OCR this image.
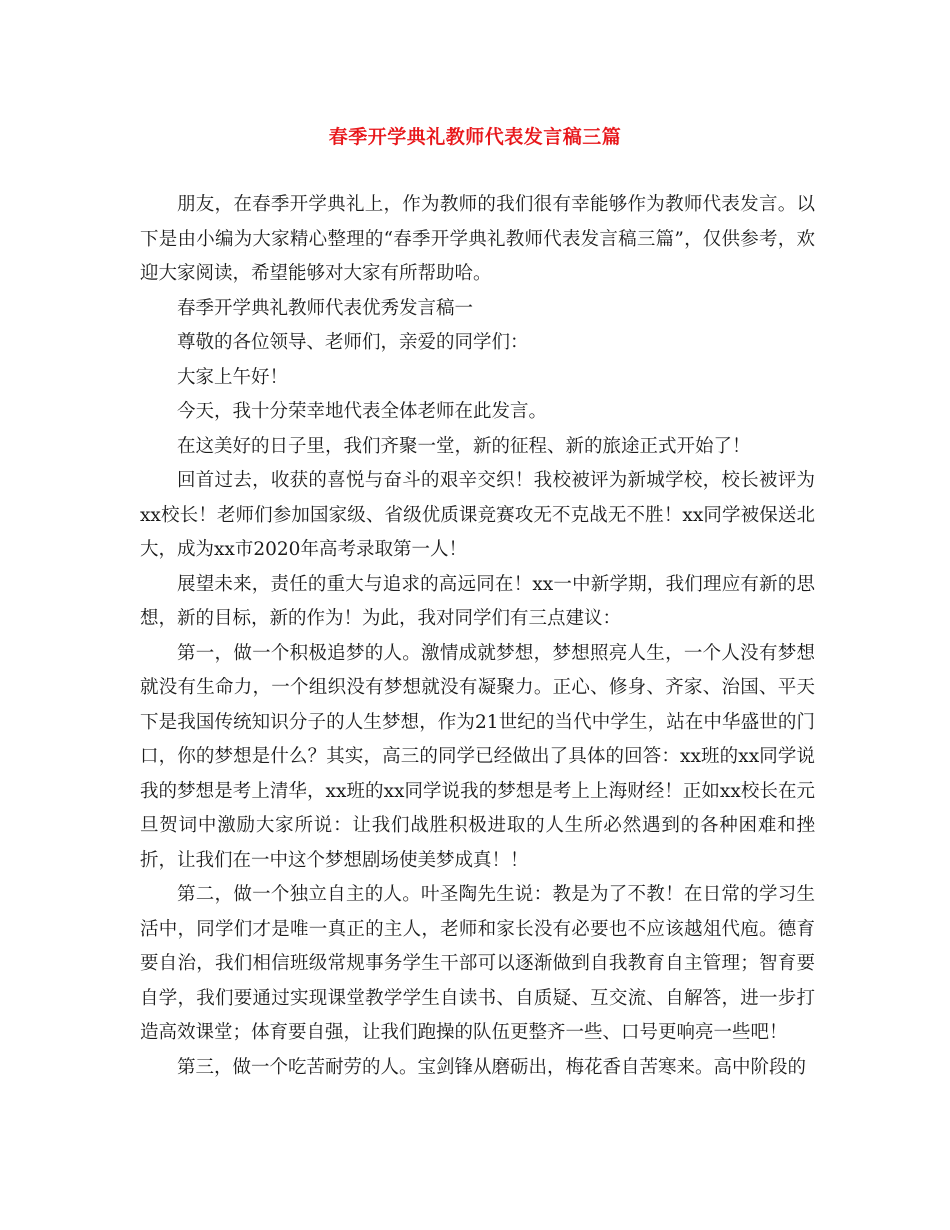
春季开学典礼教师代表发言稿三篇

朋友，在春季开学典礼上，作为教师的我们很有幸能够作为教师代表发言。以下是由小编为大家精心整理的“春季开学典礼教师代表发言稿三篇”，仅供参考，欢迎大家阅读，希望能够对大家有所帮助哈。

春季开学典礼教师代表优秀发言稿一

尊敬的各位领导、老师们，亲爱的同学们：

大家上午好！

今天，我十分荣幸地代表全体老师在此发言。

在这美好的日子里，我们齐聚一堂，新的征程、新的旅途正式开始了！

回首过去，收获的喜悦与奋斗的艰辛交织！我校被评为新城学校，校长被评为xx校长！老师们参加国家级、省级优质课竞赛攻无不克战无不胜！xx同学被保送北大，成为xx市2020年高考录取第一人！

展望未来，责任的重大与追求的高远同在！xx一中新学期，我们理应有新的思想，新的目标，新的作为！为此，我对同学们有三点建议：

第一，做一个积极追梦的人。激情成就梦想，梦想照亮人生，一个人没有梦想就没有生命力，一个组织没有梦想就没有凝聚力。正心、修身、齐家、治国、平天下是我国传统知识分子的人生梦想，作为21世纪的当代中学生，站在中华盛世的门口，你的梦想是什么？其实，高三的同学已经做出了具体的回答：xx班的xx同学说我的梦想是考上清华，xx班的xx同学说我的梦想是考上上海财经！正如xx校长在元旦贺词中激励大家所说：让我们战胜积极进取的人生所必然遇到的各种困难和挫折，让我们在一中这个梦想剧场使美梦成真！！

第二，做一个独立自主的人。叶圣陶先生说：教是为了不教！在日常的学习生活中，同学们才是唯一真正的主人，老师和家长没有必要也不应该越俎代庖。德育要自治，我们相信班级常规事务学生干部可以逐渐做到自我教育自主管理；智育要自学，我们要通过实现课堂教学学生自读书、自质疑、互交流、自解答，进一步打造高效课堂；体育要自强，让我们跑操的队伍更整齐一些、口号更响亮一些吧！

第三，做一个吃苦耐劳的人。宝剑锋从磨砺出，梅花香自苦寒来。高中阶段的
